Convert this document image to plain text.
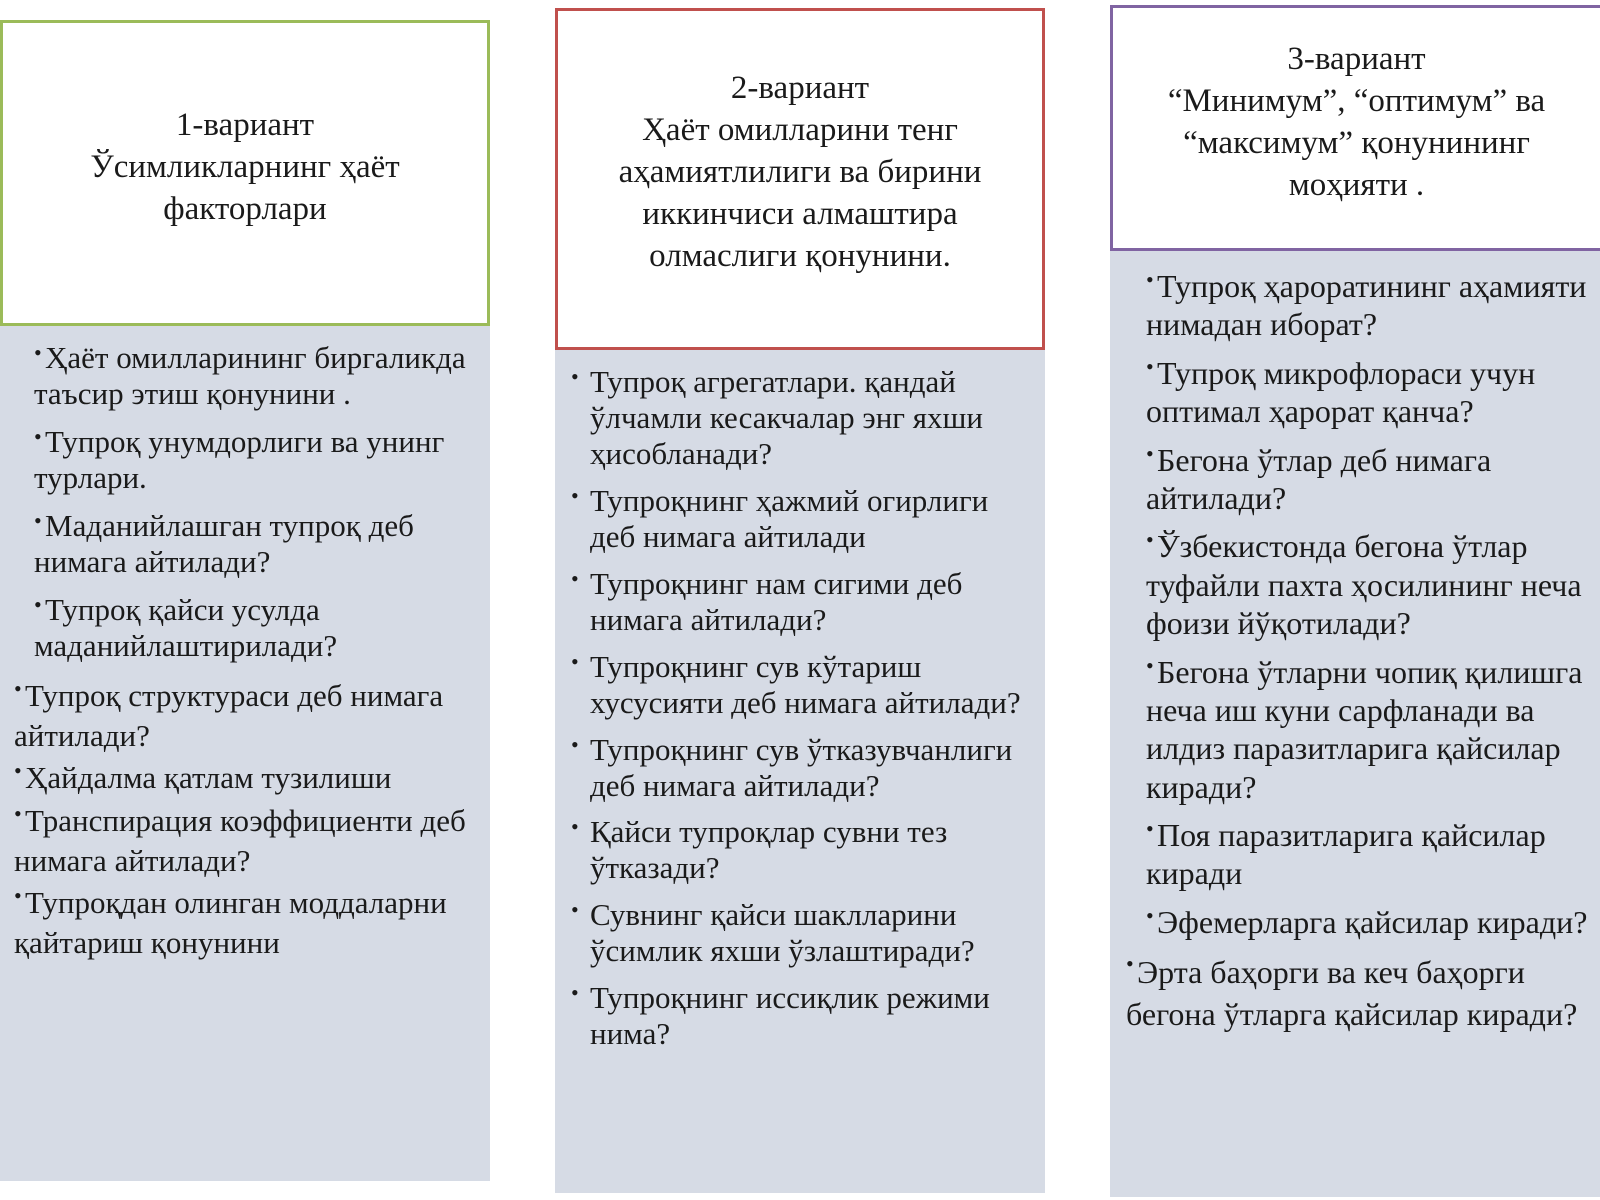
1-вариант
Ўсимликларнинг ҳаёт
факторлари
• Ҳаёт омилларининг биргаликда таъсир этиш қонунини .
• Тупроқ унумдорлиги ва унинг турлари.
• Маданийлашган тупроқ деб нимага айтилади?
• Тупроқ қайси усулда маданийлаштирилади?
• Тупроқ структураси деб нимага айтилади?
• Ҳайдалма қатлам тузилиши
• Транспирация коэффициенти деб нимага айтилади?
• Тупроқдан олинган моддаларни қайтариш қонунини
2-вариант
Ҳаёт омилларини тенг
аҳамиятлилиги ва бирини
иккинчиси алмаштира
олмаслиги қонунини.
• Тупроқ агрегатлари. қандай ўлчамли кесакчалар энг яхши ҳисобланади?
• Тупроқнинг ҳажмий огирлиги деб нимага айтилади
• Тупроқнинг нам сигими деб нимага айтилади?
• Тупроқнинг сув кўтариш хусусияти деб нимага айтилади?
• Тупроқнинг сув ўтказувчанлиги деб нимага айтилади?
• Қайси тупроқлар сувни тез ўтказади?
• Сувнинг қайси шаклларини ўсимлик яхши ўзлаштиради?
• Тупроқнинг иссиқлик режими нима?
3-вариант
“Минимум”, “оптимум” ва
“максимум” қонунининг
моҳияти .
• Тупроқ ҳароратининг аҳамияти нимадан иборат?
• Тупроқ микрофлораси учун оптимал ҳарорат қанча?
• Бегона ўтлар деб нимага айтилади?
• Ўзбекистонда бегона ўтлар туфайли пахта ҳосилининг неча фоизи йўқотилади?
• Бегона ўтларни чопиқ қилишга неча иш куни сарфланади ва илдиз паразитларига қайсилар киради?
• Поя паразитларига қайсилар киради
• Эфемерларга қайсилар киради?
• Эрта баҳорги ва кеч баҳорги бегона ўтларга қайсилар киради?
